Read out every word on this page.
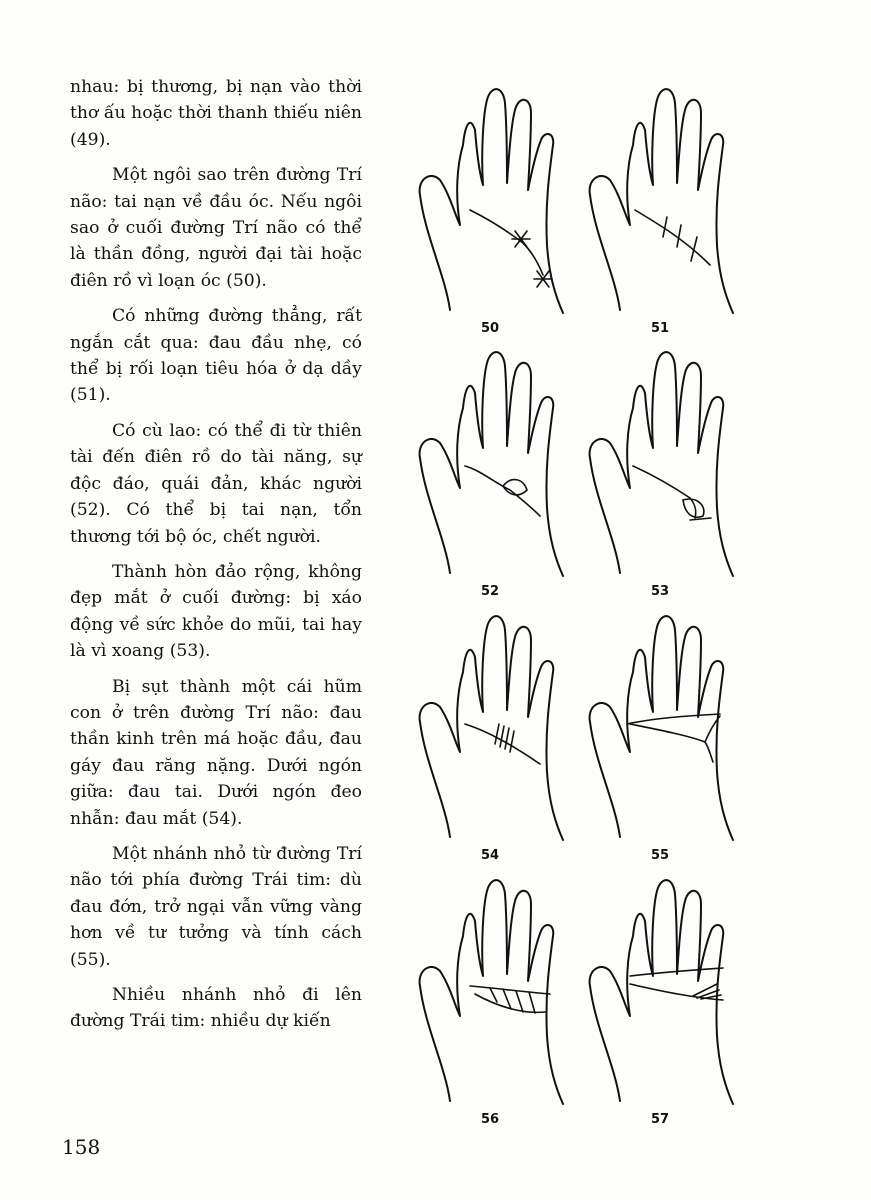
nhau: bị thương, bị nạn vào thời thơ ấu hoặc thời thanh thiếu niên (49).

Một ngôi sao trên đường Trí não: tai nạn về đầu óc. Nếu ngôi sao ở cuối đường Trí não có thể là thần đồng, người đại tài hoặc điên rồ vì loạn óc (50).

Có những đường thẳng, rất ngắn cắt qua: đau đầu nhẹ, có thể bị rối loạn tiêu hóa ở dạ dầy (51).

Có cù lao: có thể đi từ thiên tài đến điên rồ do tài năng, sự độc đáo, quái đản, khác người (52). Có thể bị tai nạn, tổn thương tới bộ óc, chết người.

Thành hòn đảo rộng, không đẹp mắt ở cuối đường: bị xáo động về sức khỏe do mũi, tai hay là vì xoang (53).

Bị sụt thành một cái hũm con ở trên đường Trí não: đau thần kinh trên má hoặc đầu, đau gáy đau răng nặng. Dưới ngón giữa: đau tai. Dưới ngón đeo nhẫn: đau mắt (54).

Một nhánh nhỏ từ đường Trí não tới phía đường Trái tim: dù đau đớn, trở ngại vẫn vững vàng hơn về tư tưởng và tính cách (55).

Nhiều nhánh nhỏ đi lên đường Trái tim: nhiều dự kiến

50	51
52	53
54	55
56	57
158
